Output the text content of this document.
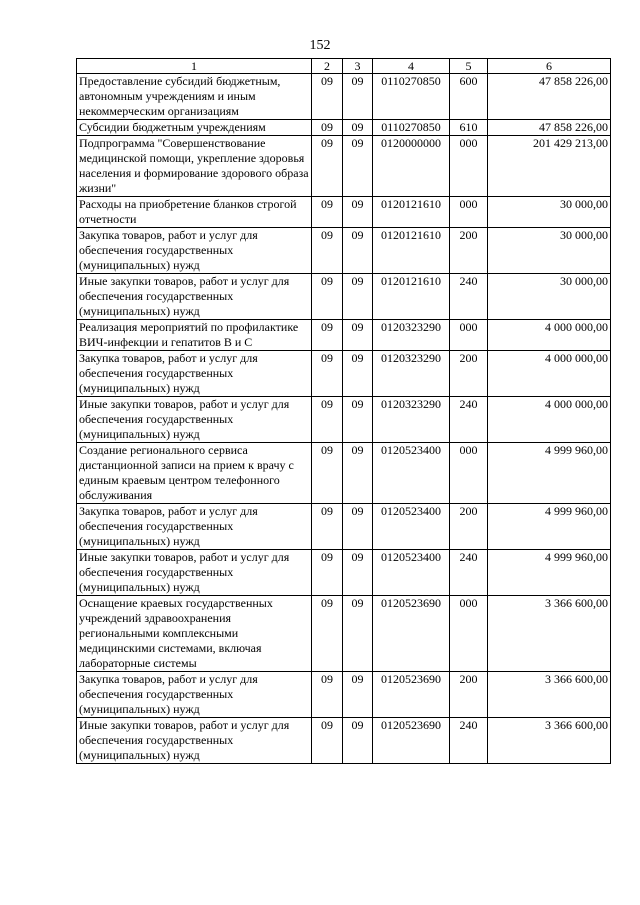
152
1	2	3	4	5	6
Предоставление субсидий бюджетным, автономным учреждениям и иным некоммерческим организациям	09	09	0110270850	600	47 858 226,00
Субсидии бюджетным учреждениям	09	09	0110270850	610	47 858 226,00
Подпрограмма "Совершенствование медицинской помощи, укрепление здоровья населения и формирование здорового образа жизни"	09	09	0120000000	000	201 429 213,00
Расходы на приобретение бланков строгой отчетности	09	09	0120121610	000	30 000,00
Закупка товаров, работ и услуг для обеспечения государственных (муниципальных) нужд	09	09	0120121610	200	30 000,00
Иные закупки товаров, работ и услуг для обеспечения государственных (муниципальных) нужд	09	09	0120121610	240	30 000,00
Реализация мероприятий по профилактике ВИЧ-инфекции и гепатитов В и С	09	09	0120323290	000	4 000 000,00
Закупка товаров, работ и услуг для обеспечения государственных (муниципальных) нужд	09	09	0120323290	200	4 000 000,00
Иные закупки товаров, работ и услуг для обеспечения государственных (муниципальных) нужд	09	09	0120323290	240	4 000 000,00
Создание регионального сервиса дистанционной записи на прием к врачу с единым краевым центром телефонного обслуживания	09	09	0120523400	000	4 999 960,00
Закупка товаров, работ и услуг для обеспечения государственных (муниципальных) нужд	09	09	0120523400	200	4 999 960,00
Иные закупки товаров, работ и услуг для обеспечения государственных (муниципальных) нужд	09	09	0120523400	240	4 999 960,00
Оснащение краевых государственных учреждений здравоохранения региональными комплексными медицинскими системами, включая лабораторные системы	09	09	0120523690	000	3 366 600,00
Закупка товаров, работ и услуг для обеспечения государственных (муниципальных) нужд	09	09	0120523690	200	3 366 600,00
Иные закупки товаров, работ и услуг для обеспечения государственных (муниципальных) нужд	09	09	0120523690	240	3 366 600,00
